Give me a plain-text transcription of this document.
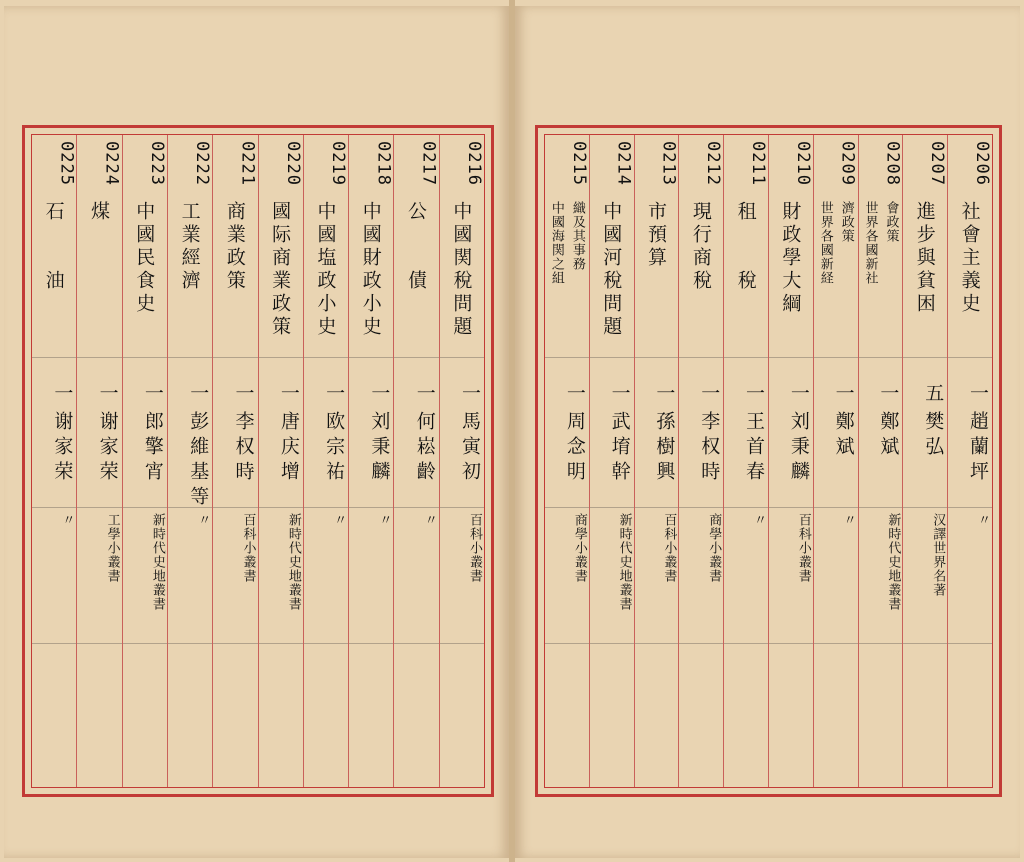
0216
中國関稅問題
一
馬寅初
百科小叢書
0217
公　　債
一
何崧齡
〃
0218
中國財政小史
一
刘秉麟
〃
0219
中國塩政小史
一
欧宗祐
〃
0220
國际商業政策
一
唐庆增
新時代史地叢書
0221
商業政策
一
李权時
百科小叢書
0222
工業經濟
一
彭維基等
〃
0223
中國民食史
一
郎擎宵
新時代史地叢書
0224
煤
一
谢家荣
工學小叢書
0225
石　　油
一
谢家荣
〃
0206
社會主義史
一
趙蘭坪
〃
0207
進步與貧困
五
樊弘
汉譯世界名著
0208
世界各國新社 會政策
一
鄭斌
新時代史地叢書
0209
世界各國新経 濟政策
一
鄭斌
〃
0210
財政學大綱
一
刘秉麟
百科小叢書
0211
租　　稅
一
王首春
〃
0212
現行商稅
一
李权時
商學小叢書
0213
市預算
一
孫樹興
百科小叢書
0214
中國河稅問題
一
武堉幹
新時代史地叢書
0215
中國海関之組 織及其事務
一
周念明
商學小叢書
